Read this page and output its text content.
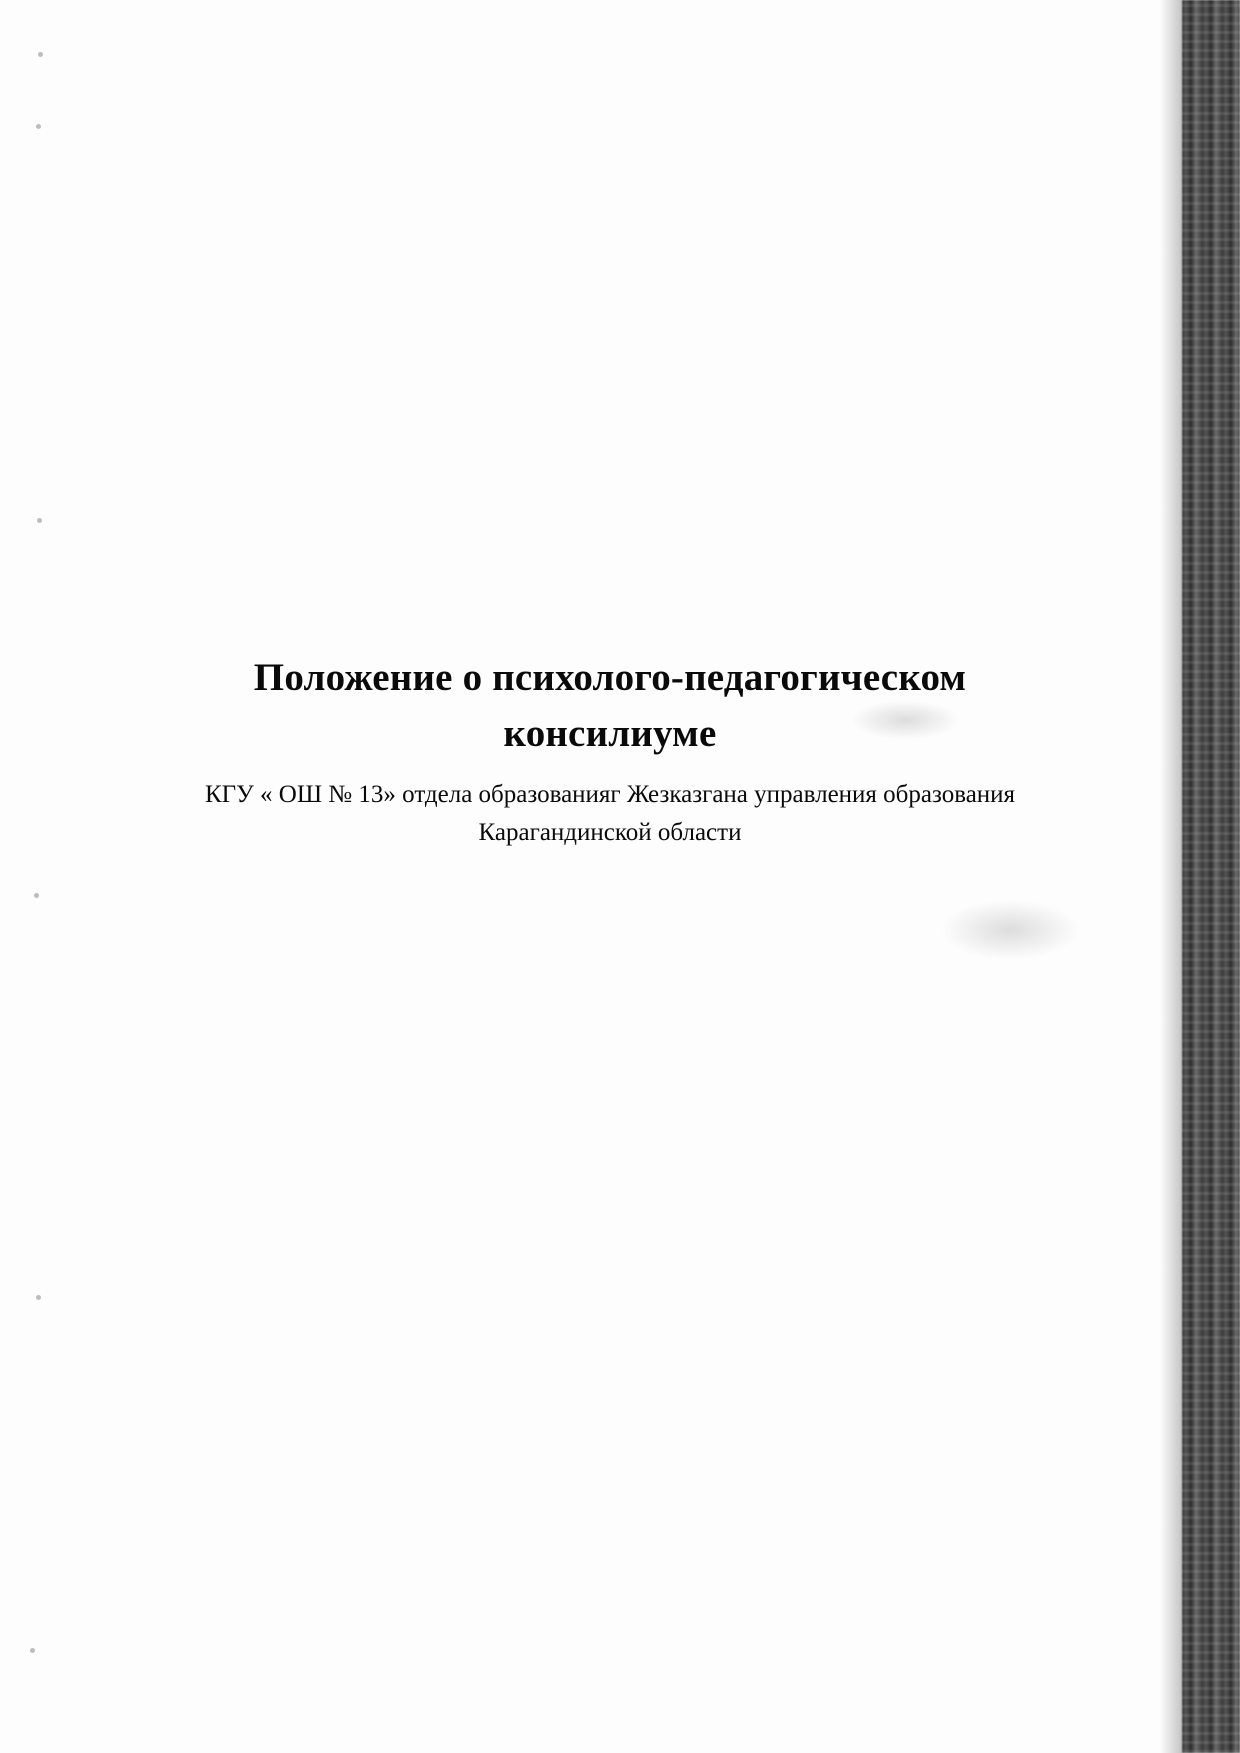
Положение о психолого-педагогическом
консилиуме

КГУ « ОШ № 13» отдела образованияг Жезказгана управления образования
Карагандинской области
